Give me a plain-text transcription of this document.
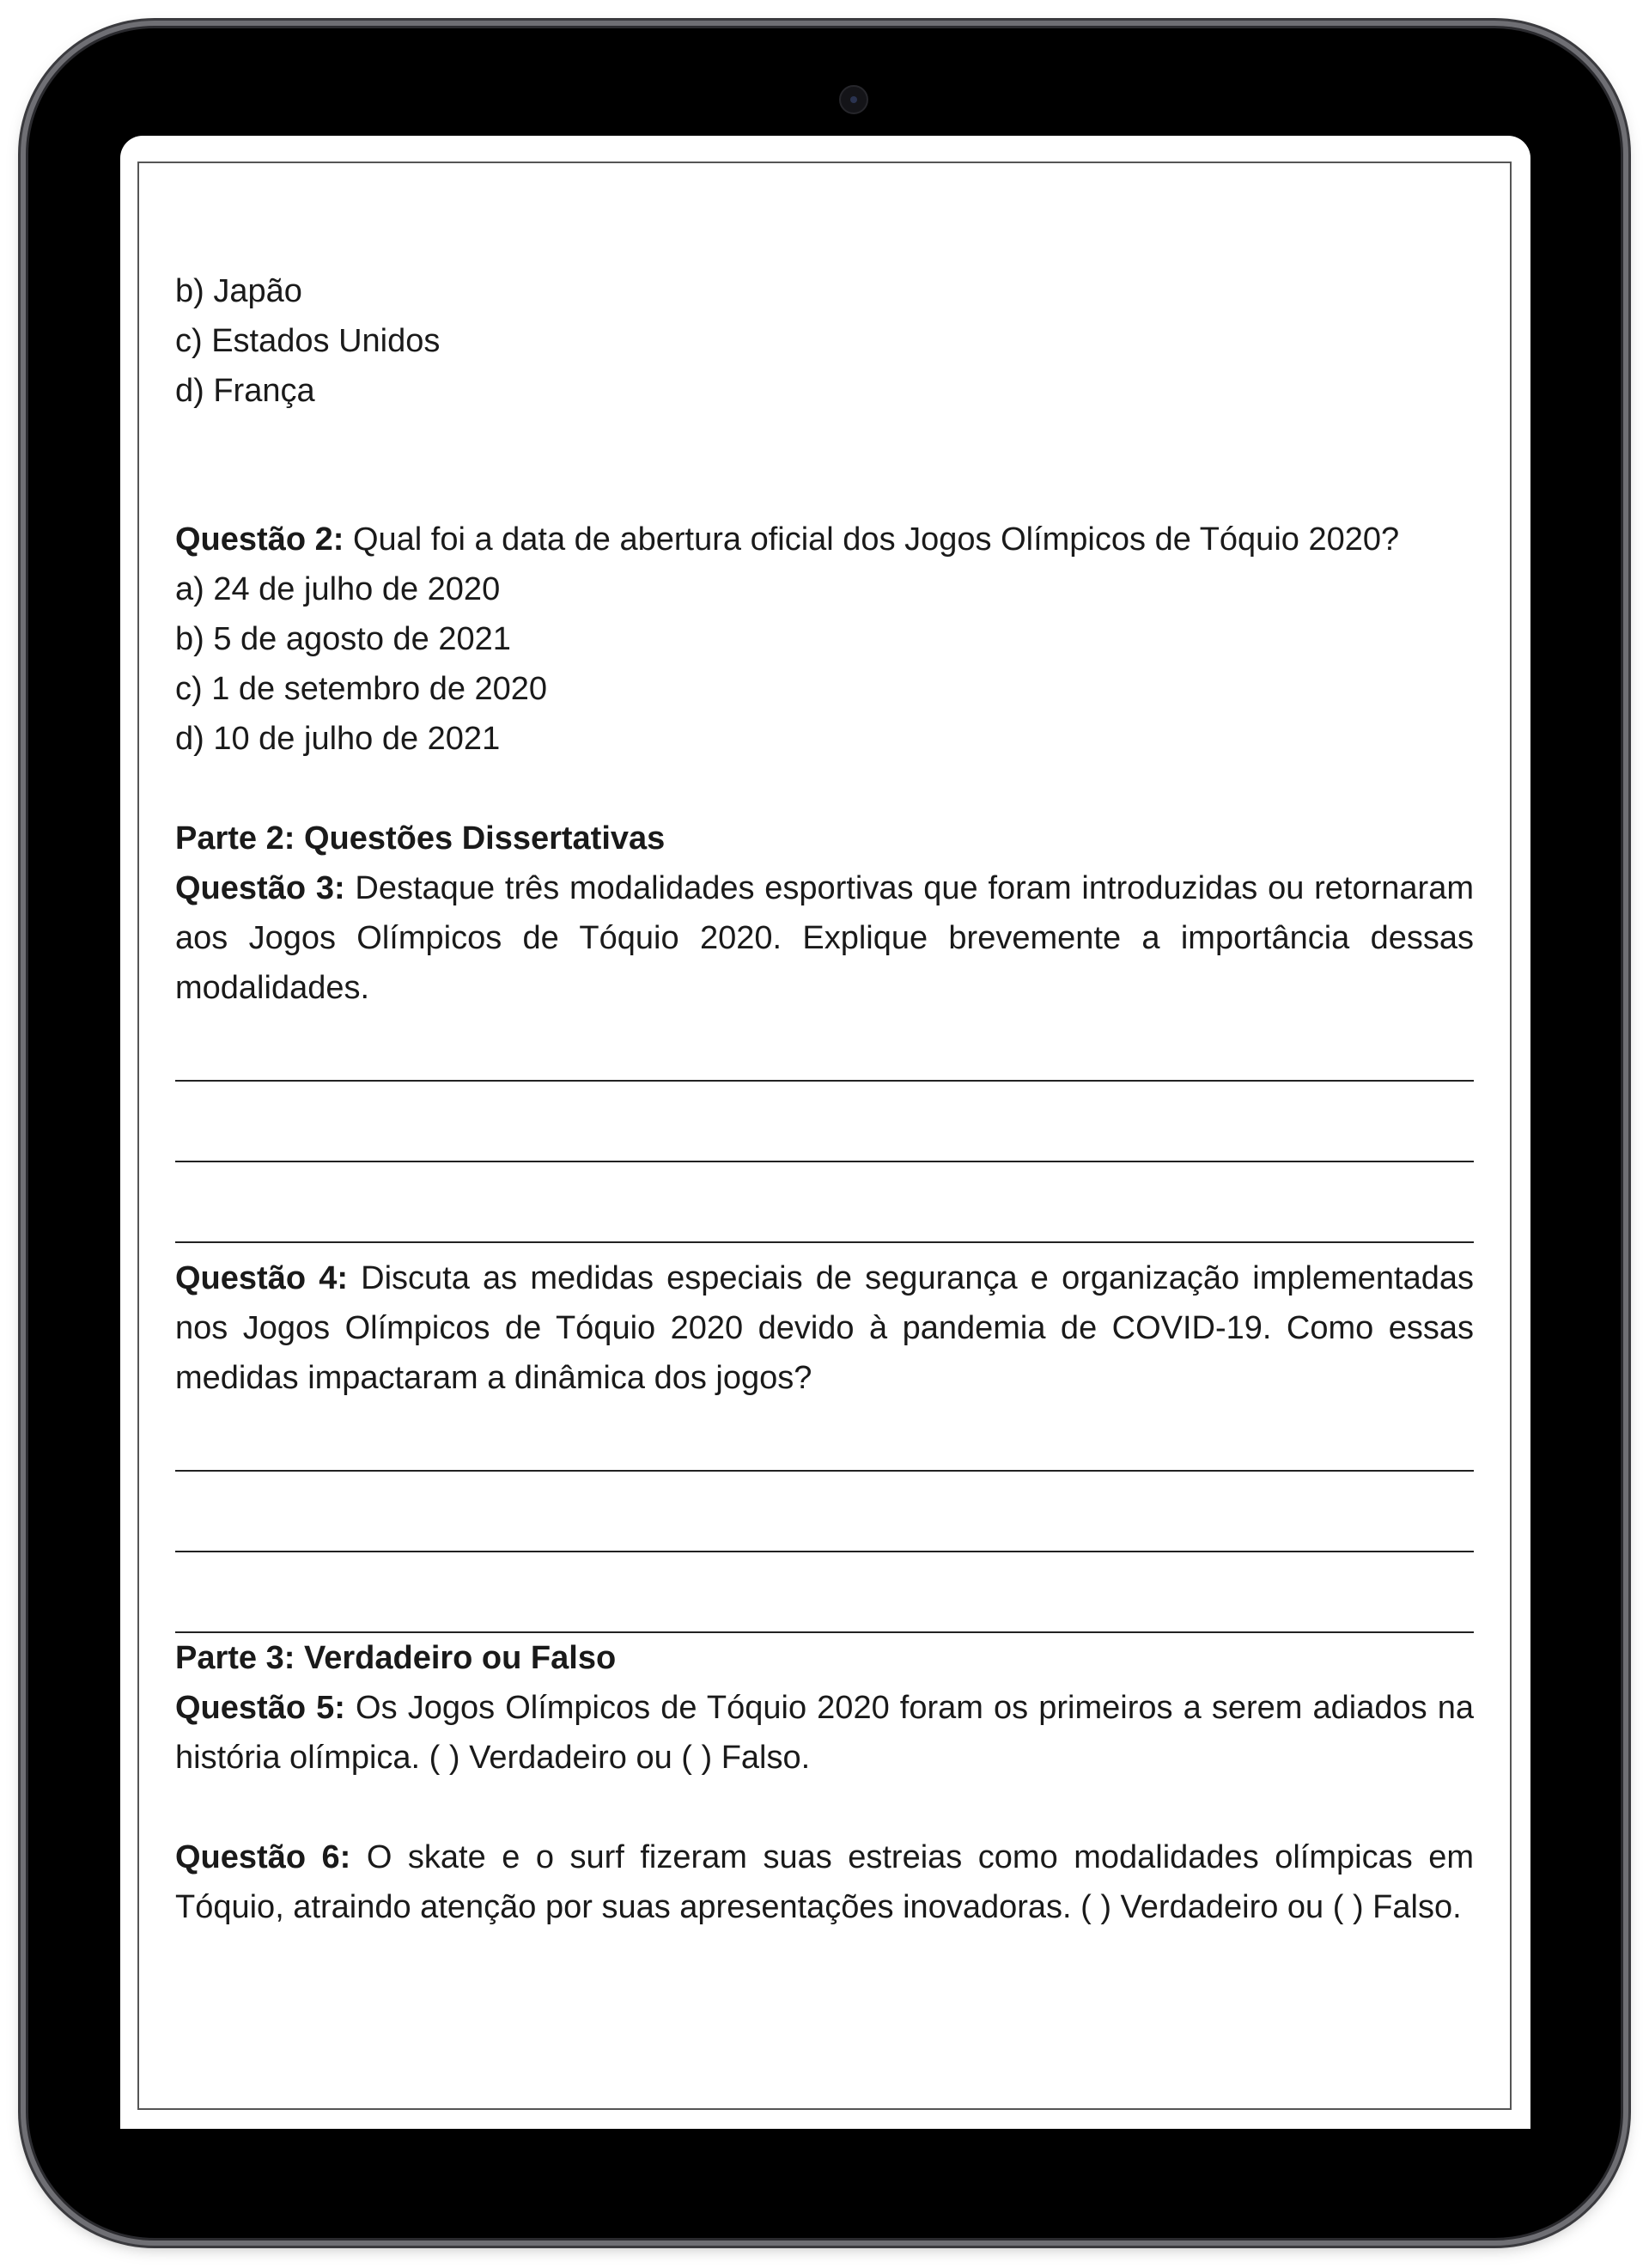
b) Japão

c) Estados Unidos

d) França

Questão 2: Qual foi a data de abertura oficial dos Jogos Olímpicos de Tóquio 2020?

a) 24 de julho de 2020

b) 5 de agosto de 2021

c) 1 de setembro de 2020

d) 10 de julho de 2021

Parte 2: Questões Dissertativas

Questão 3: Destaque três modalidades esportivas que foram introduzidas ou retornaram aos Jogos Olímpicos de Tóquio 2020. Explique brevemente a importância dessas modalidades.

Questão 4: Discuta as medidas especiais de segurança e organização implementadas nos Jogos Olímpicos de Tóquio 2020 devido à pandemia de COVID-19. Como essas medidas impactaram a dinâmica dos jogos?

Parte 3: Verdadeiro ou Falso

Questão 5: Os Jogos Olímpicos de Tóquio 2020 foram os primeiros a serem adiados na história olímpica. ( ) Verdadeiro ou ( ) Falso.

Questão 6: O skate e o surf fizeram suas estreias como modalidades olímpicas em Tóquio, atraindo atenção por suas apresentações inovadoras. ( ) Verdadeiro ou ( ) Falso.
